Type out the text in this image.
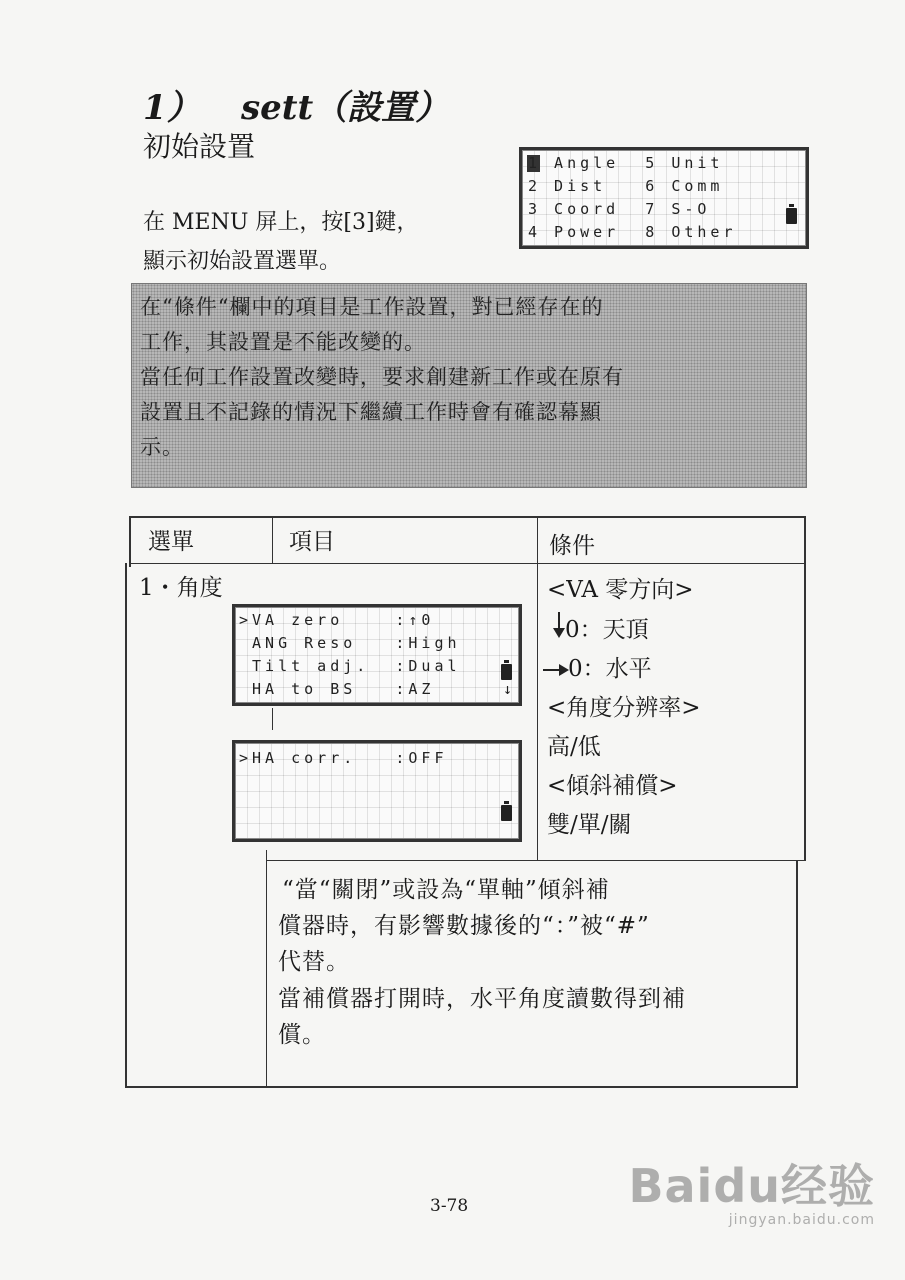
1） sett（設置）
初始設置
在 MENU 屏上，按[3]鍵，
顯示初始設置選單。
1 Angle  5 Unit
2 Dist   6 Comm
3 Coord  7 S-O
4 Power  8 Other

在“條件“欄中的項目是工作設置，對已經存在的

工作，其設置是不能改變的。

當任何工作設置改變時，要求創建新工作或在原有

設置且不記錄的情況下繼續工作時會有確認幕顯

示。

選單	項目	條件
1・角度
>VA zero    :↑0
ANG Reso   :High
Tilt adj.  :Dual
HA to BS   :AZ	↓
>HA corr.   :OFF
<VA 零方向>
0：天頂
0：水平
<角度分辨率>
高/低
<傾斜補償>
雙/單/關
“當“關閉”或設為“單軸”傾斜補
償器時，有影響數據後的“：”被“#”
代替。
當補償器打開時，水平角度讀數得到補
償。
3-78	Baidu经验
jingyan.baidu.com
